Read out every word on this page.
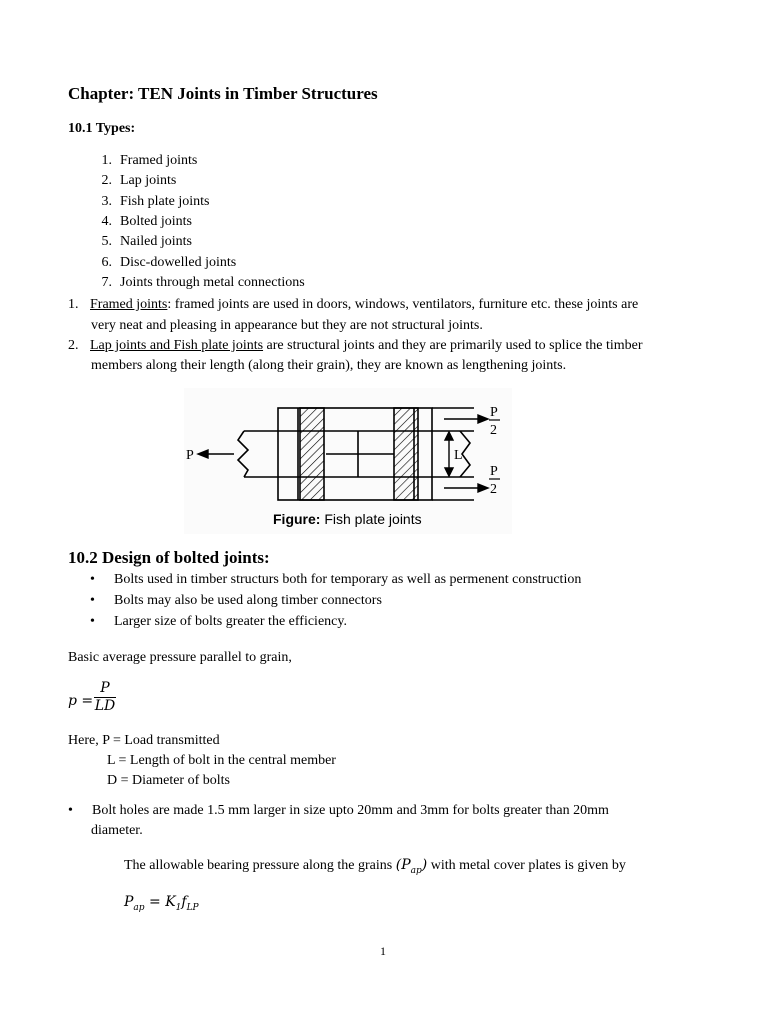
Chapter: TEN Joints in Timber Structures
10.1 Types:
1. Framed joints
2. Lap joints
3. Fish plate joints
4. Bolted joints
5. Nailed joints
6. Disc-dowelled joints
7. Joints through metal connections
1. Framed joints: framed joints are used in doors, windows, ventilators, furniture etc. these joints are
very neat and pleasing in appearance but they are not structural joints.
2. Lap joints and Fish plate joints are structural joints and they are primarily used to splice the timber
members along their length (along their grain), they are known as lengthening joints.
P	L
P
2
P
2
Figure: Fish plate joints
10.2 Design of bolted joints:
• Bolts used in timber structurs both for temporary as well as permenent construction
• Bolts may also be used along timber connectors
• Larger size of bolts greater the efficiency.
Basic average pressure parallel to grain,
p =
P
LD
Here, P = Load transmitted
L = Length of bolt in the central member
D = Diameter of bolts
• Bolt holes are made 1.5 mm larger in size upto 20mm and 3mm for bolts greater than 20mm
diameter.
The allowable bearing pressure along the grains $(P_{ap})$ with metal cover plates is given by
$P_{ap} = K_1f_{LP}$
1
